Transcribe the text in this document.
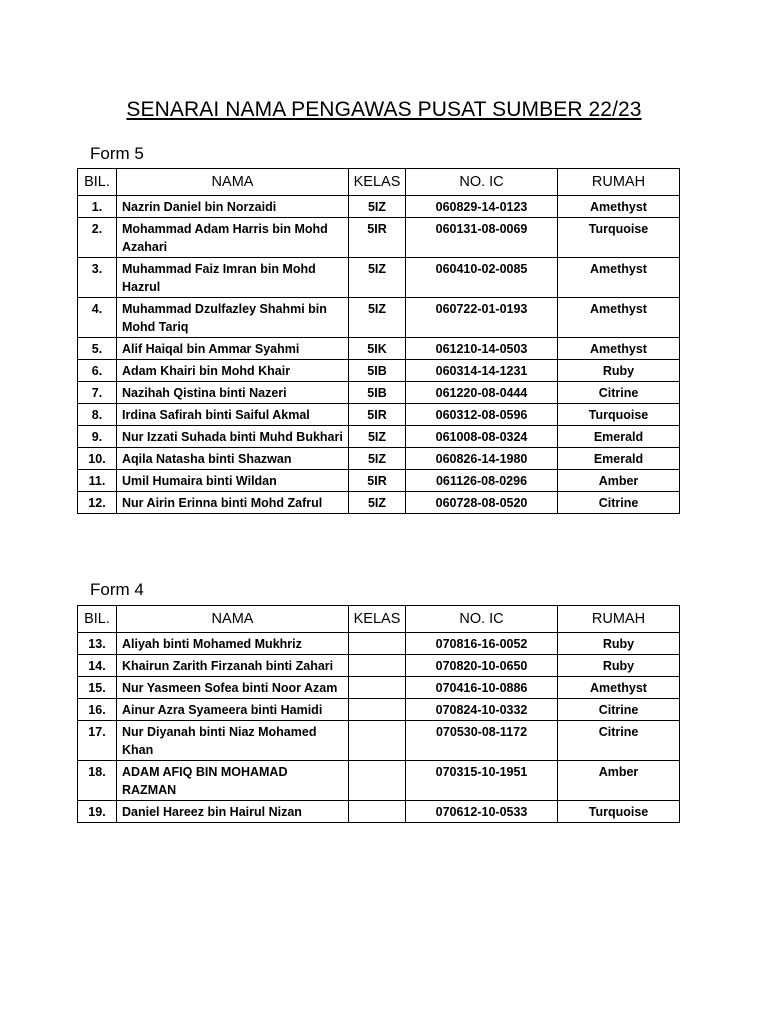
SENARAI NAMA PENGAWAS PUSAT SUMBER 22/23
Form 5
BIL.	NAMA	KELAS	NO. IC	RUMAH
1.	Nazrin Daniel bin Norzaidi	5IZ	060829-14-0123	Amethyst
2.	Mohammad Adam Harris bin Mohd Azahari	5IR	060131-08-0069	Turquoise
3.	Muhammad Faiz Imran bin Mohd Hazrul	5IZ	060410-02-0085	Amethyst
4.	Muhammad Dzulfazley Shahmi bin Mohd Tariq	5IZ	060722-01-0193	Amethyst
5.	Alif Haiqal bin Ammar Syahmi	5IK	061210-14-0503	Amethyst
6.	Adam Khairi bin Mohd Khair	5IB	060314-14-1231	Ruby
7.	Nazihah Qistina binti Nazeri	5IB	061220-08-0444	Citrine
8.	Irdina Safirah binti Saiful Akmal	5IR	060312-08-0596	Turquoise
9.	Nur Izzati Suhada binti Muhd Bukhari	5IZ	061008-08-0324	Emerald
10.	Aqila Natasha binti Shazwan	5IZ	060826-14-1980	Emerald
11.	Umil Humaira binti Wildan	5IR	061126-08-0296	Amber
12.	Nur Airin Erinna binti Mohd Zafrul	5IZ	060728-08-0520	Citrine
Form 4
BIL.	NAMA	KELAS	NO. IC	RUMAH
13.	Aliyah binti Mohamed Mukhriz		070816-16-0052	Ruby
14.	Khairun Zarith Firzanah binti Zahari		070820-10-0650	Ruby
15.	Nur Yasmeen Sofea binti Noor Azam		070416-10-0886	Amethyst
16.	Ainur Azra Syameera binti Hamidi		070824-10-0332	Citrine
17.	Nur Diyanah binti Niaz Mohamed Khan		070530-08-1172	Citrine
18.	ADAM AFIQ BIN MOHAMAD RAZMAN		070315-10-1951	Amber
19.	Daniel Hareez bin Hairul Nizan		070612-10-0533	Turquoise
